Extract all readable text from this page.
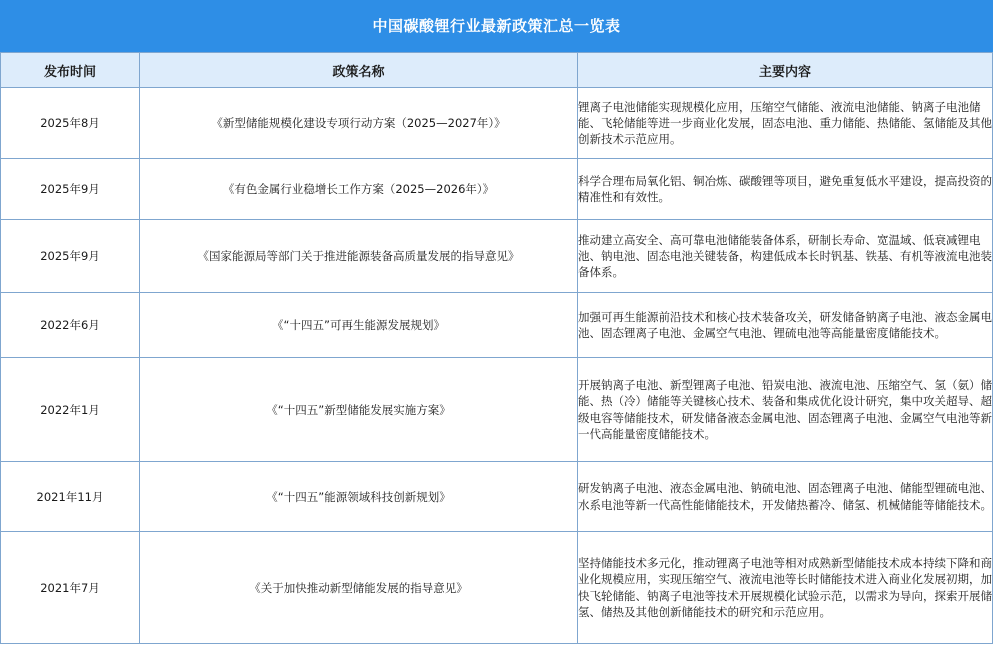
中国碳酸锂行业最新政策汇总一览表
发布时间	政策名称	主要内容
2025年8月	《新型储能规模化建设专项行动方案（2025—2027年）》	锂离子电池储能实现规模化应用，压缩空气储能、液流电池储能、钠离子电池储能、飞轮储能等进一步商业化发展，固态电池、重力储能、热储能、氢储能及其他创新技术示范应用。
2025年9月	《有色金属行业稳增长工作方案（2025—2026年）》	科学合理布局氧化铝、铜冶炼、碳酸锂等项目，避免重复低水平建设，提高投资的精准性和有效性。
2025年9月	《国家能源局等部门关于推进能源装备高质量发展的指导意见》	推动建立高安全、高可靠电池储能装备体系，研制长寿命、宽温域、低衰减锂电池、钠电池、固态电池关键装备，构建低成本长时钒基、铁基、有机等液流电池装备体系。
2022年6月	《“十四五”可再生能源发展规划》	加强可再生能源前沿技术和核心技术装备攻关，研发储备钠离子电池、液态金属电池、固态锂离子电池、金属空气电池、锂硫电池等高能量密度储能技术。
2022年1月	《“十四五”新型储能发展实施方案》	开展钠离子电池、新型锂离子电池、铅炭电池、液流电池、压缩空气、氢（氨）储能、热（冷）储能等关键核心技术、装备和集成优化设计研究，集中攻关超导、超级电容等储能技术，研发储备液态金属电池、固态锂离子电池、金属空气电池等新一代高能量密度储能技术。
2021年11月	《“十四五”能源领域科技创新规划》	研发钠离子电池、液态金属电池、钠硫电池、固态锂离子电池、储能型锂硫电池、水系电池等新一代高性能储能技术，开发储热蓄冷、储氢、机械储能等储能技术。
2021年7月	《关于加快推动新型储能发展的指导意见》	坚持储能技术多元化，推动锂离子电池等相对成熟新型储能技术成本持续下降和商业化规模应用，实现压缩空气、液流电池等长时储能技术进入商业化发展初期，加快飞轮储能、钠离子电池等技术开展规模化试验示范，以需求为导向，探索开展储氢、储热及其他创新储能技术的研究和示范应用。
